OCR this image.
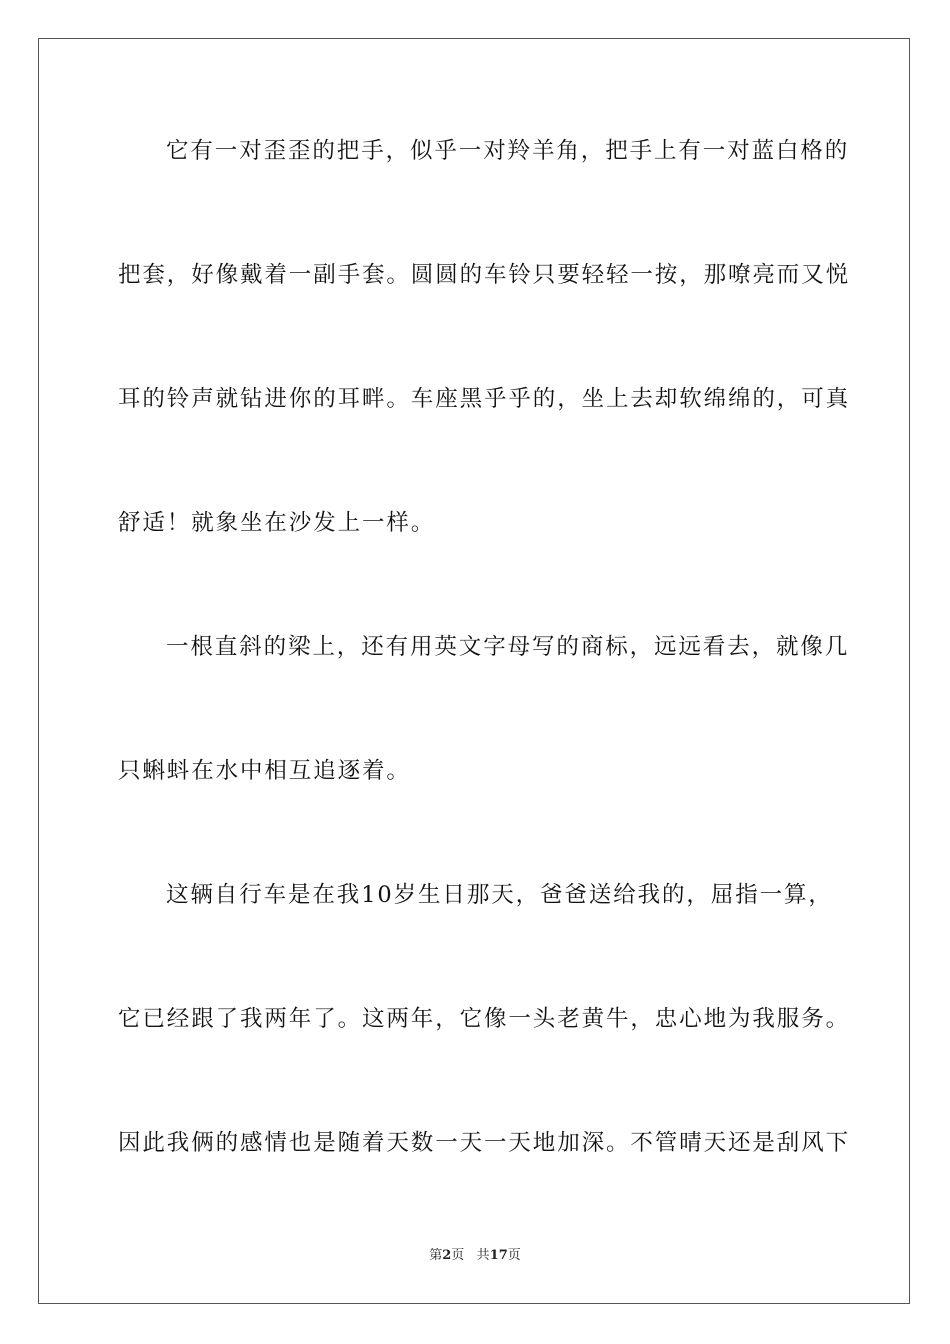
它有一对歪歪的把手，似乎一对羚羊角，把手上有一对蓝白格的

把套，好像戴着一副手套。圆圆的车铃只要轻轻一按，那嘹亮而又悦

耳的铃声就钻进你的耳畔。车座黑乎乎的，坐上去却软绵绵的，可真

舒适！就象坐在沙发上一样。

一根直斜的梁上，还有用英文字母写的商标，远远看去，就像几

只蝌蚪在水中相互追逐着。

这辆自行车是在我10岁生日那天，爸爸送给我的，屈指一算，

它已经跟了我两年了。这两年，它像一头老黄牛，忠心地为我服务。

因此我俩的感情也是随着天数一天一天地加深。不管晴天还是刮风下

第2页 共17页
